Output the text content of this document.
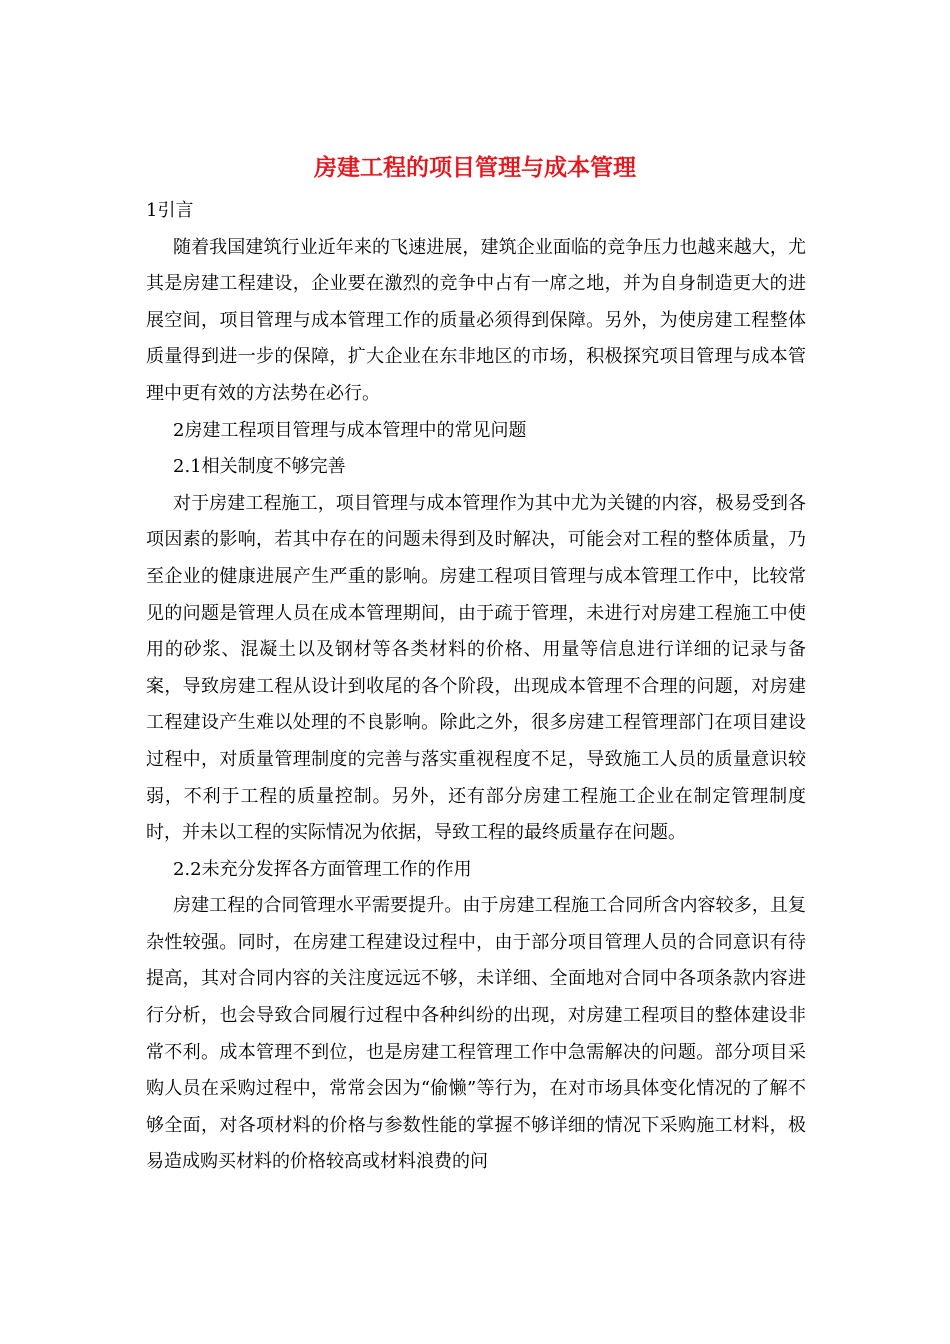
房建工程的项目管理与成本管理

1引言

随着我国建筑行业近年来的飞速进展，建筑企业面临的竞争压力也越来越大，尤其是房建工程建设，企业要在激烈的竞争中占有一席之地，并为自身制造更大的进展空间，项目管理与成本管理工作的质量必须得到保障。另外，为使房建工程整体质量得到进一步的保障，扩大企业在东非地区的市场，积极探究项目管理与成本管理中更有效的方法势在必行。

2房建工程项目管理与成本管理中的常见问题

2.1相关制度不够完善

对于房建工程施工，项目管理与成本管理作为其中尤为关键的内容，极易受到各项因素的影响，若其中存在的问题未得到及时解决，可能会对工程的整体质量，乃至企业的健康进展产生严重的影响。房建工程项目管理与成本管理工作中，比较常见的问题是管理人员在成本管理期间，由于疏于管理，未进行对房建工程施工中使用的砂浆、混凝土以及钢材等各类材料的价格、用量等信息进行详细的记录与备案，导致房建工程从设计到收尾的各个阶段，出现成本管理不合理的问题，对房建工程建设产生难以处理的不良影响。除此之外，很多房建工程管理部门在项目建设过程中，对质量管理制度的完善与落实重视程度不足，导致施工人员的质量意识较弱，不利于工程的质量控制。另外，还有部分房建工程施工企业在制定管理制度时，并未以工程的实际情况为依据，导致工程的最终质量存在问题。

2.2未充分发挥各方面管理工作的作用

房建工程的合同管理水平需要提升。由于房建工程施工合同所含内容较多，且复杂性较强。同时，在房建工程建设过程中，由于部分项目管理人员的合同意识有待提高，其对合同内容的关注度远远不够，未详细、全面地对合同中各项条款内容进行分析，也会导致合同履行过程中各种纠纷的出现，对房建工程项目的整体建设非常不利。成本管理不到位，也是房建工程管理工作中急需解决的问题。部分项目采购人员在采购过程中，常常会因为“偷懒”等行为，在对市场具体变化情况的了解不够全面，对各项材料的价格与参数性能的掌握不够详细的情况下采购施工材料，极易造成购买材料的价格较高或材料浪费的问
